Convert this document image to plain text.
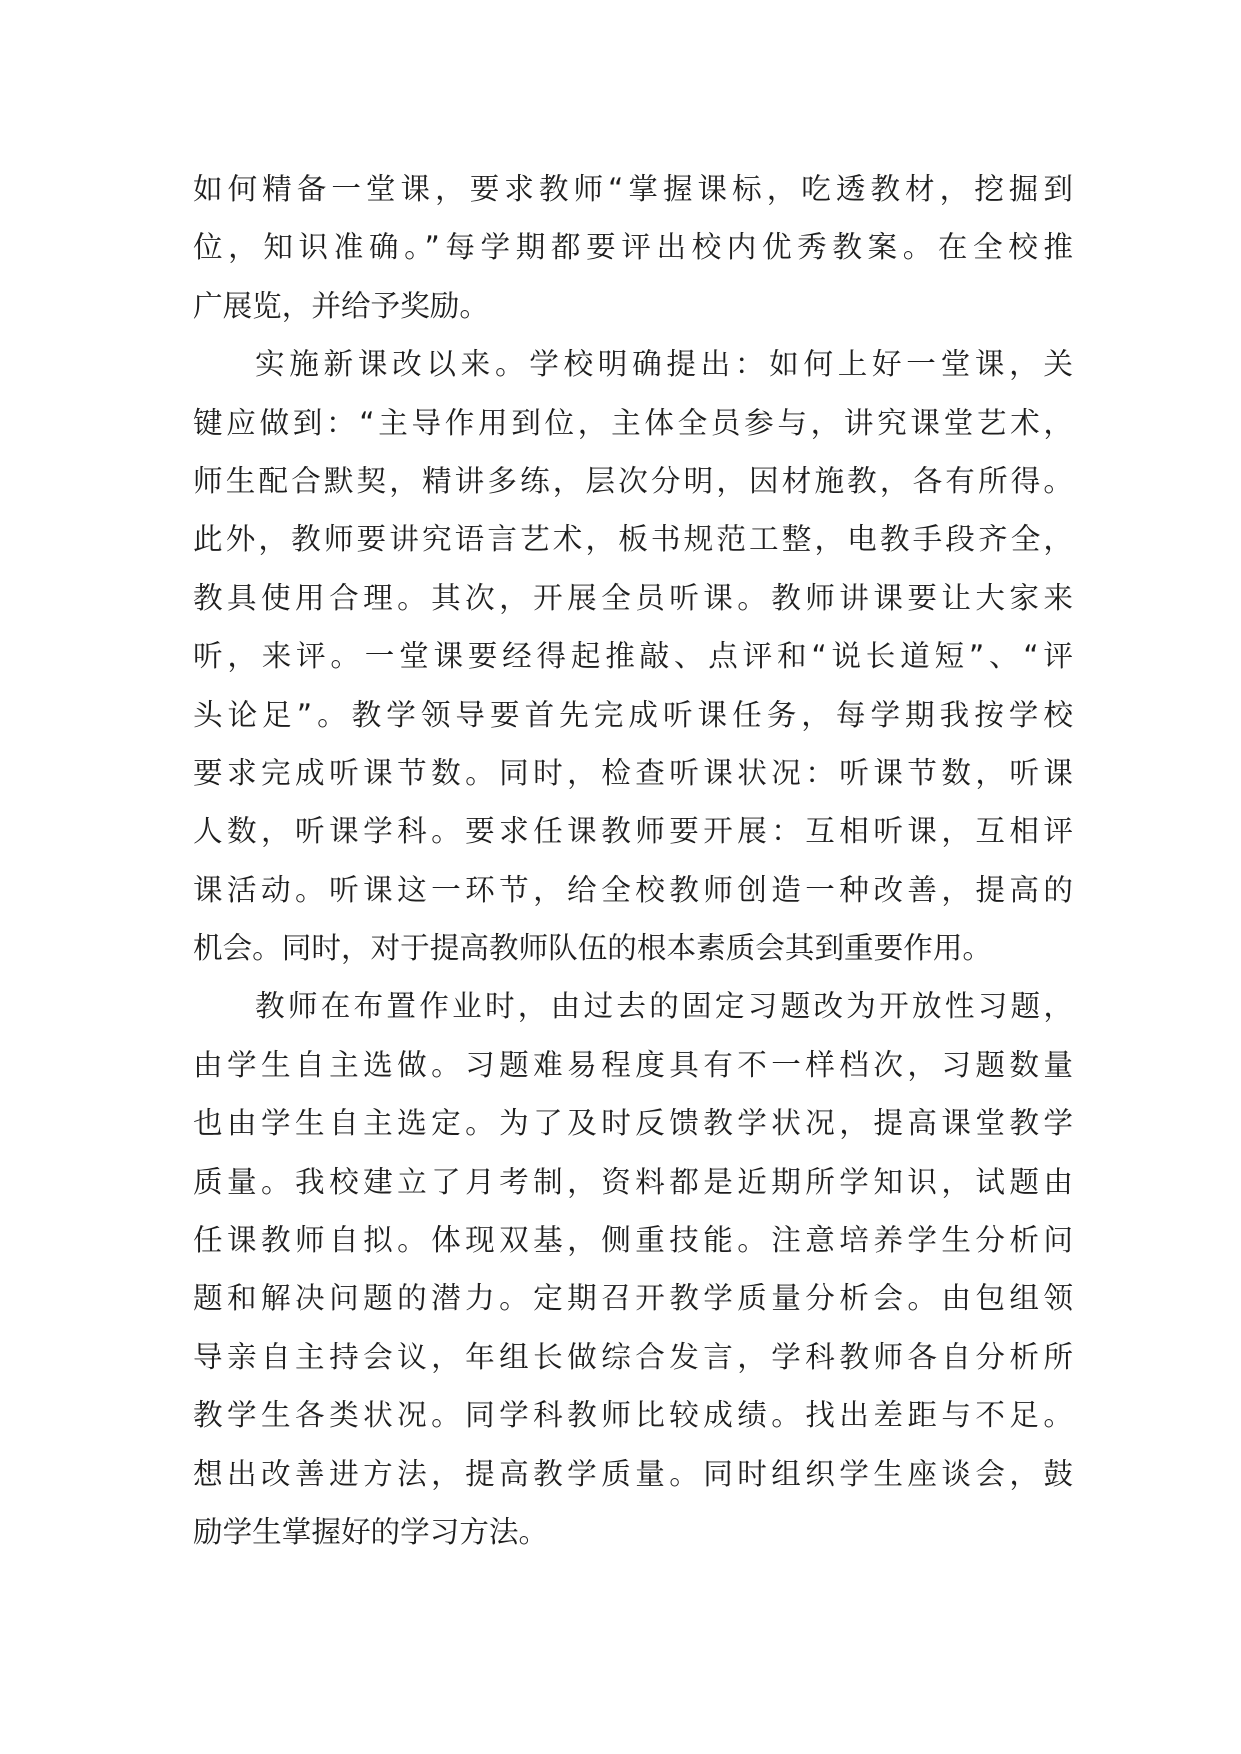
如何精备一堂课，要求教师“掌握课标，吃透教材，挖掘到
位，知识准确。”每学期都要评出校内优秀教案。在全校推
广展览，并给予奖励。
实施新课改以来。学校明确提出：如何上好一堂课，关
键应做到：“主导作用到位，主体全员参与，讲究课堂艺术，
师生配合默契，精讲多练，层次分明，因材施教，各有所得。
此外，教师要讲究语言艺术，板书规范工整，电教手段齐全，
教具使用合理。其次，开展全员听课。教师讲课要让大家来
听，来评。一堂课要经得起推敲、点评和“说长道短”、“评
头论足”。教学领导要首先完成听课任务，每学期我按学校
要求完成听课节数。同时，检查听课状况：听课节数，听课
人数，听课学科。要求任课教师要开展：互相听课，互相评
课活动。听课这一环节，给全校教师创造一种改善，提高的
机会。同时，对于提高教师队伍的根本素质会其到重要作用。
教师在布置作业时，由过去的固定习题改为开放性习题，
由学生自主选做。习题难易程度具有不一样档次，习题数量
也由学生自主选定。为了及时反馈教学状况，提高课堂教学
质量。我校建立了月考制，资料都是近期所学知识，试题由
任课教师自拟。体现双基，侧重技能。注意培养学生分析问
题和解决问题的潜力。定期召开教学质量分析会。由包组领
导亲自主持会议，年组长做综合发言，学科教师各自分析所
教学生各类状况。同学科教师比较成绩。找出差距与不足。
想出改善进方法，提高教学质量。同时组织学生座谈会，鼓
励学生掌握好的学习方法。
